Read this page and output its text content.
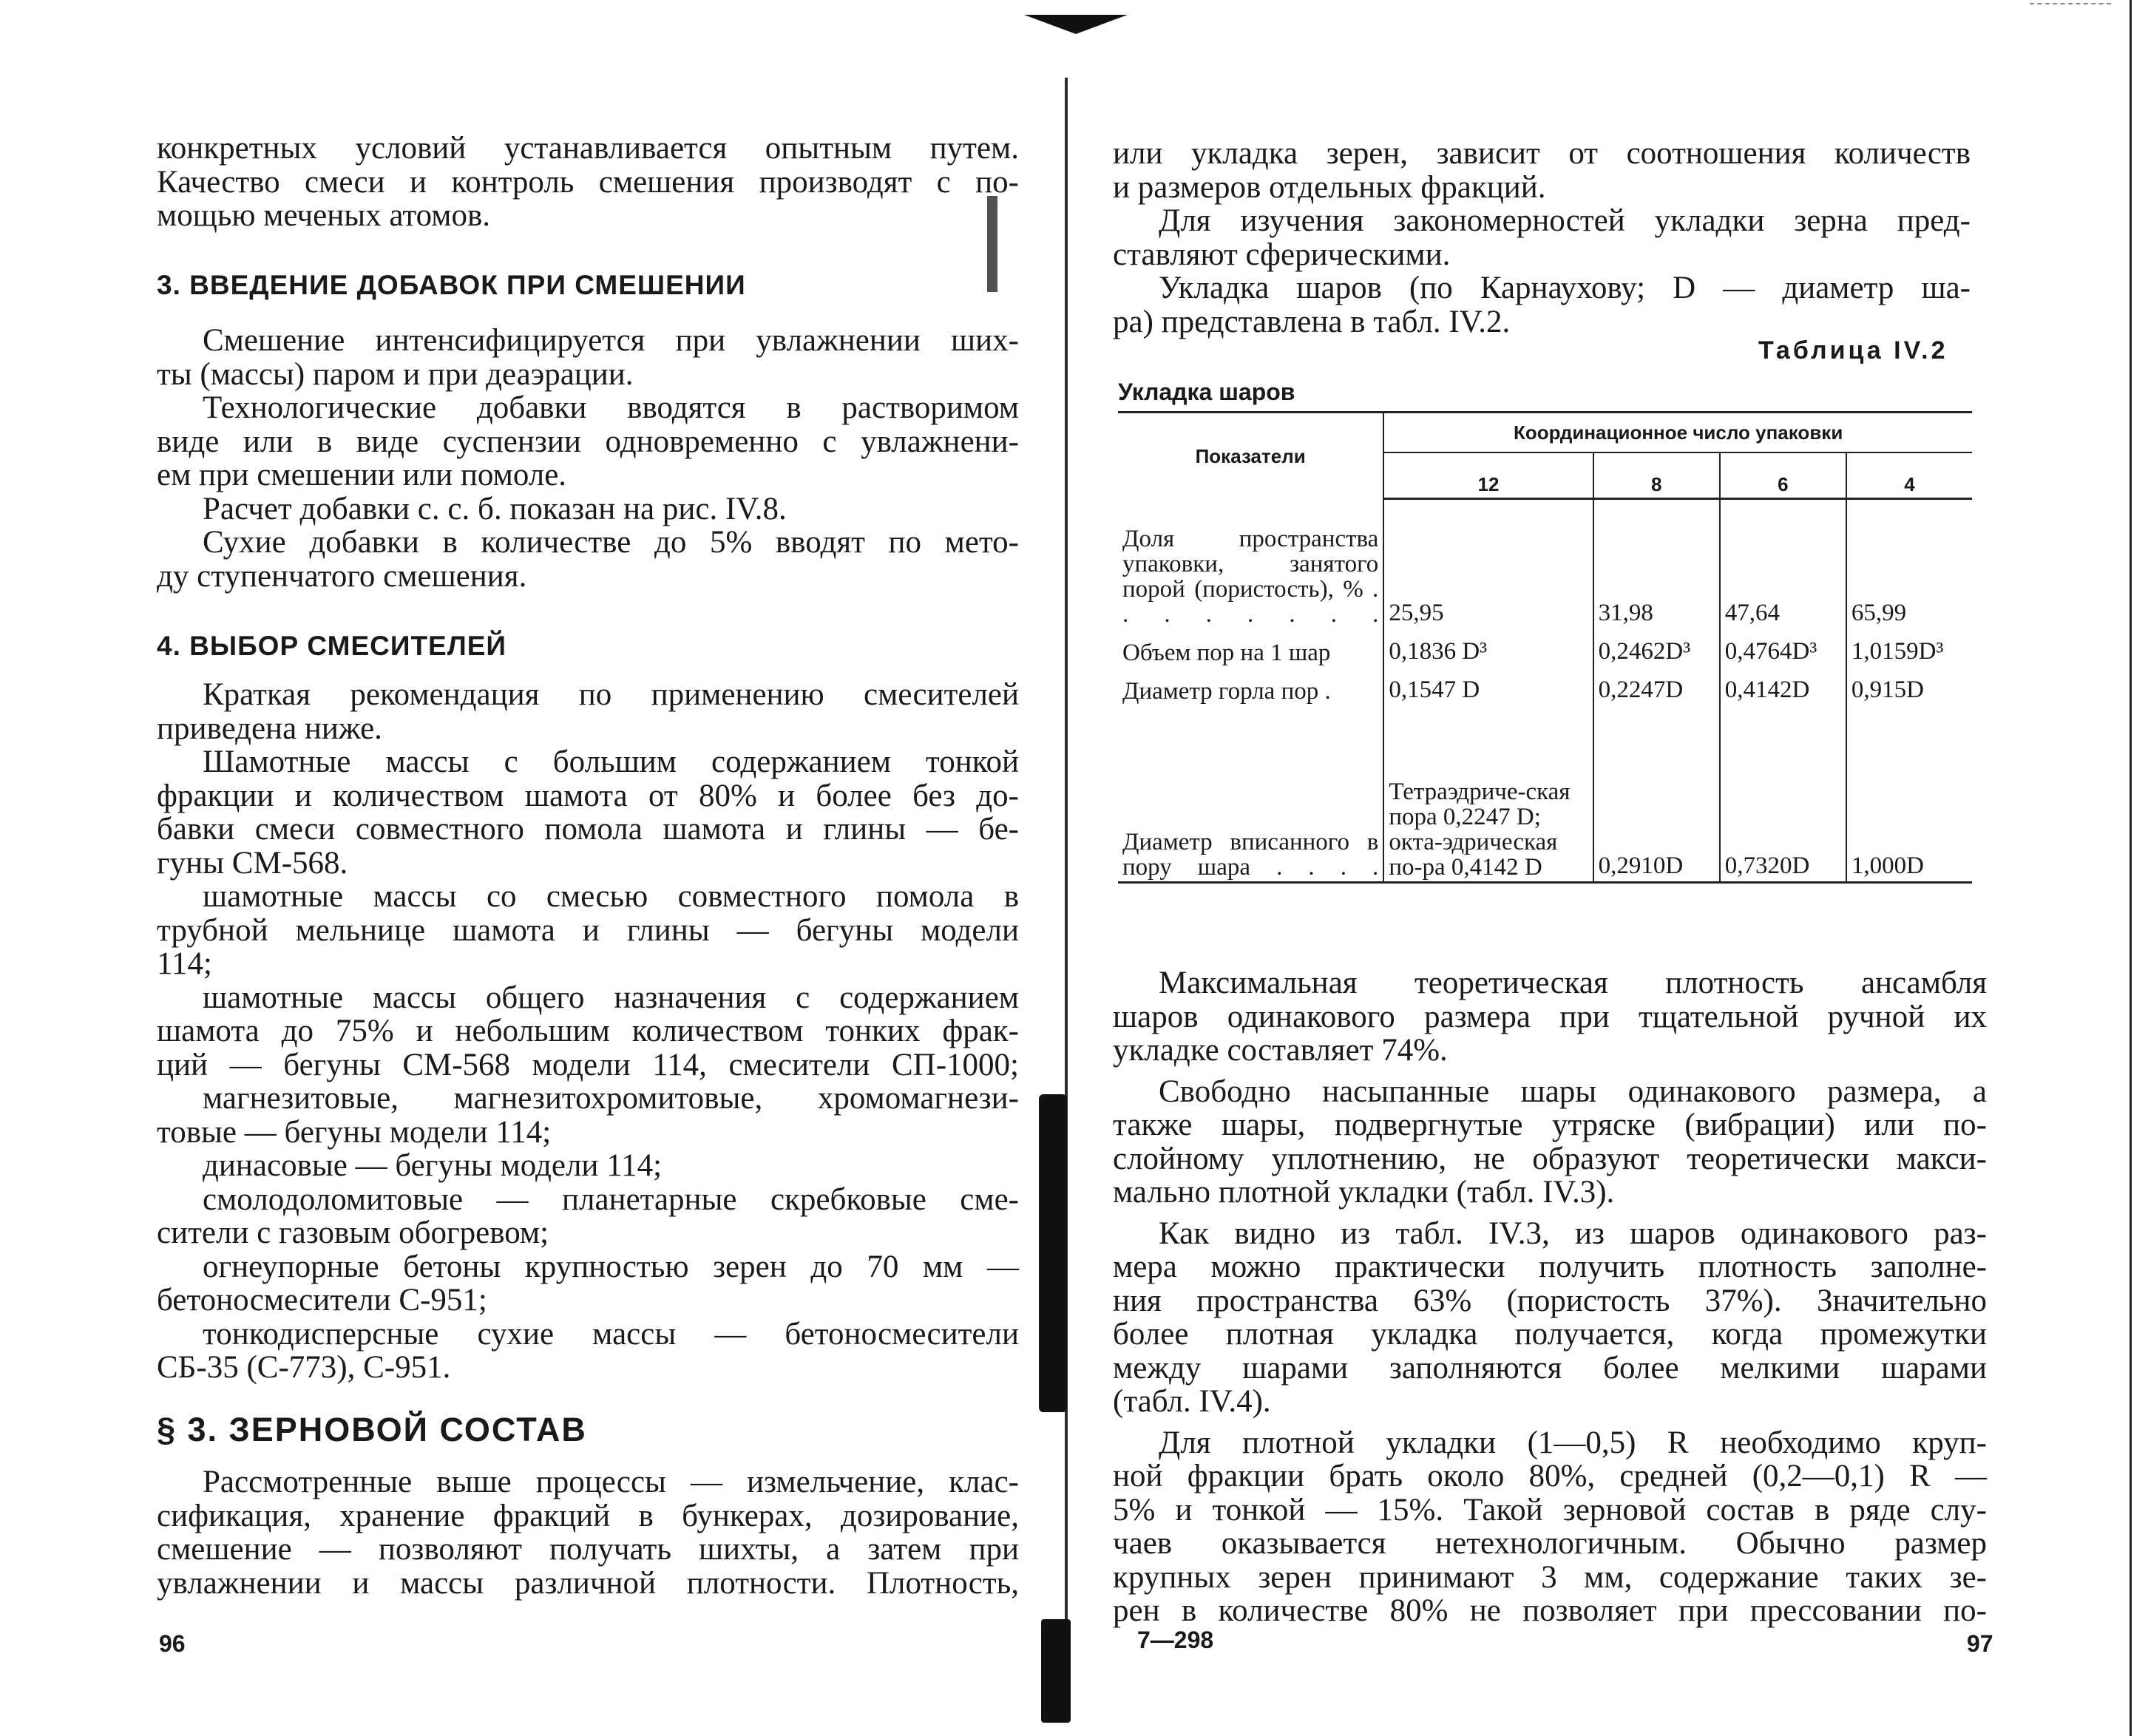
конкретных условий устанавливается опытным путем.

Качество смеси и контроль смешения производят с по-

мощью меченых атомов.

3. ВВЕДЕНИЕ ДОБАВОК ПРИ СМЕШЕНИИ

Смешение интенсифицируется при увлажнении ших-

ты (массы) паром и при деаэрации.

Технологические добавки вводятся в растворимом

виде или в виде суспензии одновременно с увлажнени-

ем при смешении или помоле.

Расчет добавки с. с. б. показан на рис. IV.8.

Сухие добавки в количестве до 5% вводят по мето-

ду ступенчатого смешения.

4. ВЫБОР СМЕСИТЕЛЕЙ

Краткая рекомендация по применению смесителей

приведена ниже.

Шамотные массы с большим содержанием тонкой

фракции и количеством шамота от 80% и более без до-

бавки смеси совместного помола шамота и глины — бе-

гуны СМ-568.

шамотные массы со смесью совместного помола в

трубной мельнице шамота и глины — бегуны модели

114;

шамотные массы общего назначения с содержанием

шамота до 75% и небольшим количеством тонких фрак-

ций — бегуны СМ-568 модели 114, смесители СП-1000;

магнезитовые, магнезитохромитовые, хромомагнези-

товые — бегуны модели 114;

динасовые — бегуны модели 114;

смолодоломитовые — планетарные скребковые сме-

сители с газовым обогревом;

огнеупорные бетоны крупностью зерен до 70 мм —

бетоносмесители С-951;

тонкодисперсные сухие массы — бетоносмесители

СБ-35 (С-773), С-951.

§ 3. ЗЕРНОВОЙ СОСТАВ

Рассмотренные выше процессы — измельчение, клас-

сификация, хранение фракций в бункерах, дозирование,

смешение — позволяют получать шихты, а затем при

увлажнении и массы различной плотности. Плотность,

96

или укладка зерен, зависит от соотношения количеств

и размеров отдельных фракций.

Для изучения закономерностей укладки зерна пред-

ставляют сферическими.

Укладка шаров (по Карнаухову; D — диаметр ша-

ра) представлена в табл. IV.2.

Таблица IV.2
Укладка шаров
Показатели	Координационное число упаковки			
	12	8	6	4
Доля пространства упаковки, занятого порой (пористость), % . . . . . . . .	25,95	31,98	47,64	65,99
Объем пор на 1 шар	0,1836 D³	0,2462D³	0,4764D³	1,0159D³
Диаметр горла пор .	0,1547 D	0,2247D	0,4142D	0,915D
Диаметр вписанного в пору шара . . . .	Тетраэдриче-ская пора 0,2247 D; окта-эдрическая по-ра 0,4142 D	0,2910D	0,7320D	1,000D

Максимальная теоретическая плотность ансамбля

шаров одинакового размера при тщательной ручной их

укладке составляет 74%.

Свободно насыпанные шары одинакового размера, а

также шары, подвергнутые утряске (вибрации) или по-

слойному уплотнению, не образуют теоретически макси-

мально плотной укладки (табл. IV.3).

Как видно из табл. IV.3, из шаров одинакового раз-

мера можно практически получить плотность заполне-

ния пространства 63% (пористость 37%). Значительно

более плотная укладка получается, когда промежутки

между шарами заполняются более мелкими шарами

(табл. IV.4).

Для плотной укладки (1—0,5) R необходимо круп-

ной фракции брать около 80%, средней (0,2—0,1) R —

5% и тонкой — 15%. Такой зерновой состав в ряде слу-

чаев оказывается нетехнологичным. Обычно размер

крупных зерен принимают 3 мм, содержание таких зе-

рен в количестве 80% не позволяет при прессовании по-

7—298	97
